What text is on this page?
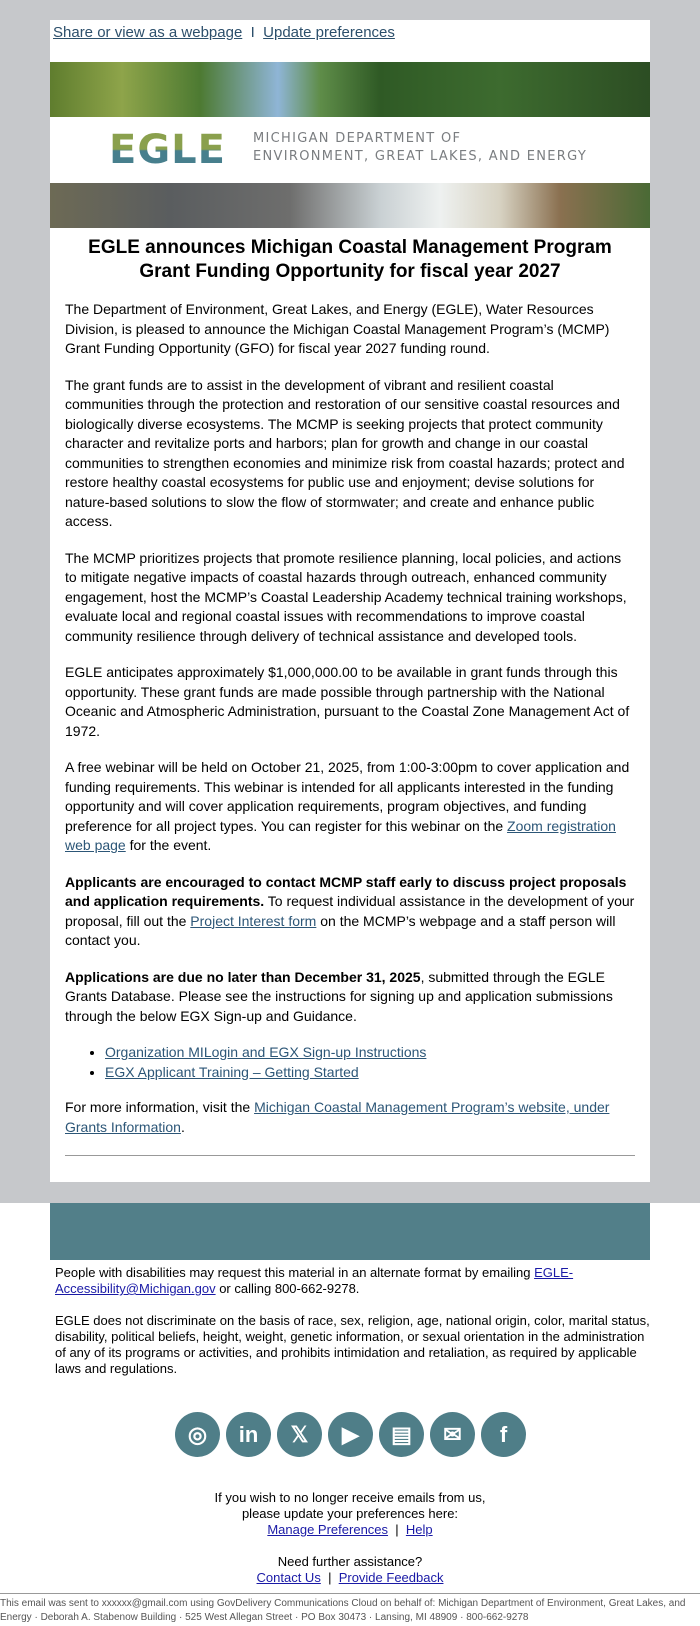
Share or view as a webpage I Update preferences
EGLE MICHIGAN DEPARTMENT OF
ENVIRONMENT, GREAT LAKES, AND ENERGY
EGLE announces Michigan Coastal Management Program Grant Funding Opportunity for fiscal year 2027

The Department of Environment, Great Lakes, and Energy (EGLE), Water Resources Division, is pleased to announce the Michigan Coastal Management Program’s (MCMP) Grant Funding Opportunity (GFO) for fiscal year 2027 funding round.

The grant funds are to assist in the development of vibrant and resilient coastal communities through the protection and restoration of our sensitive coastal resources and biologically diverse ecosystems. The MCMP is seeking projects that protect community character and revitalize ports and harbors; plan for growth and change in our coastal communities to strengthen economies and minimize risk from coastal hazards; protect and restore healthy coastal ecosystems for public use and enjoyment; devise solutions for nature-based solutions to slow the flow of stormwater; and create and enhance public access.

The MCMP prioritizes projects that promote resilience planning, local policies, and actions to mitigate negative impacts of coastal hazards through outreach, enhanced community engagement, host the MCMP’s Coastal Leadership Academy technical training workshops, evaluate local and regional coastal issues with recommendations to improve coastal community resilience through delivery of technical assistance and developed tools.

EGLE anticipates approximately $1,000,000.00 to be available in grant funds through this opportunity. These grant funds are made possible through partnership with the National Oceanic and Atmospheric Administration, pursuant to the Coastal Zone Management Act of 1972.

A free webinar will be held on October 21, 2025, from 1:00-3:00pm to cover application and funding requirements. This webinar is intended for all applicants interested in the funding opportunity and will cover application requirements, program objectives, and funding preference for all project types. You can register for this webinar on the Zoom registration web page for the event.

Applicants are encouraged to contact MCMP staff early to discuss project proposals and application requirements. To request individual assistance in the development of your proposal, fill out the Project Interest form on the MCMP’s webpage and a staff person will contact you.

Applications are due no later than December 31, 2025, submitted through the EGLE Grants Database. Please see the instructions for signing up and application submissions through the below EGX Sign-up and Guidance.

• Organization MILogin and EGX Sign-up Instructions
• EGX Applicant Training – Getting Started

For more information, visit the Michigan Coastal Management Program’s website, under Grants Information.

People with disabilities may request this material in an alternate format by emailing EGLE-Accessibility@Michigan.gov or calling 800-662-9278.

EGLE does not discriminate on the basis of race, sex, religion, age, national origin, color, marital status, disability, political beliefs, height, weight, genetic information, or sexual orientation in the administration of any of its programs or activities, and prohibits intimidation and retaliation, as required by applicable laws and regulations.

◎	in	𝕏	▶	▤	✉	f
If you wish to no longer receive emails from us,
please update your preferences here:
Manage Preferences | Help
Need further assistance?
Contact Us | Provide Feedback
This email was sent to xxxxxx@gmail.com using GovDelivery Communications Cloud on behalf of: Michigan Department of Environment, Great Lakes, and Energy · Deborah A. Stabenow Building · 525 West Allegan Street · PO Box 30473 · Lansing, MI 48909 · 800-662-9278
